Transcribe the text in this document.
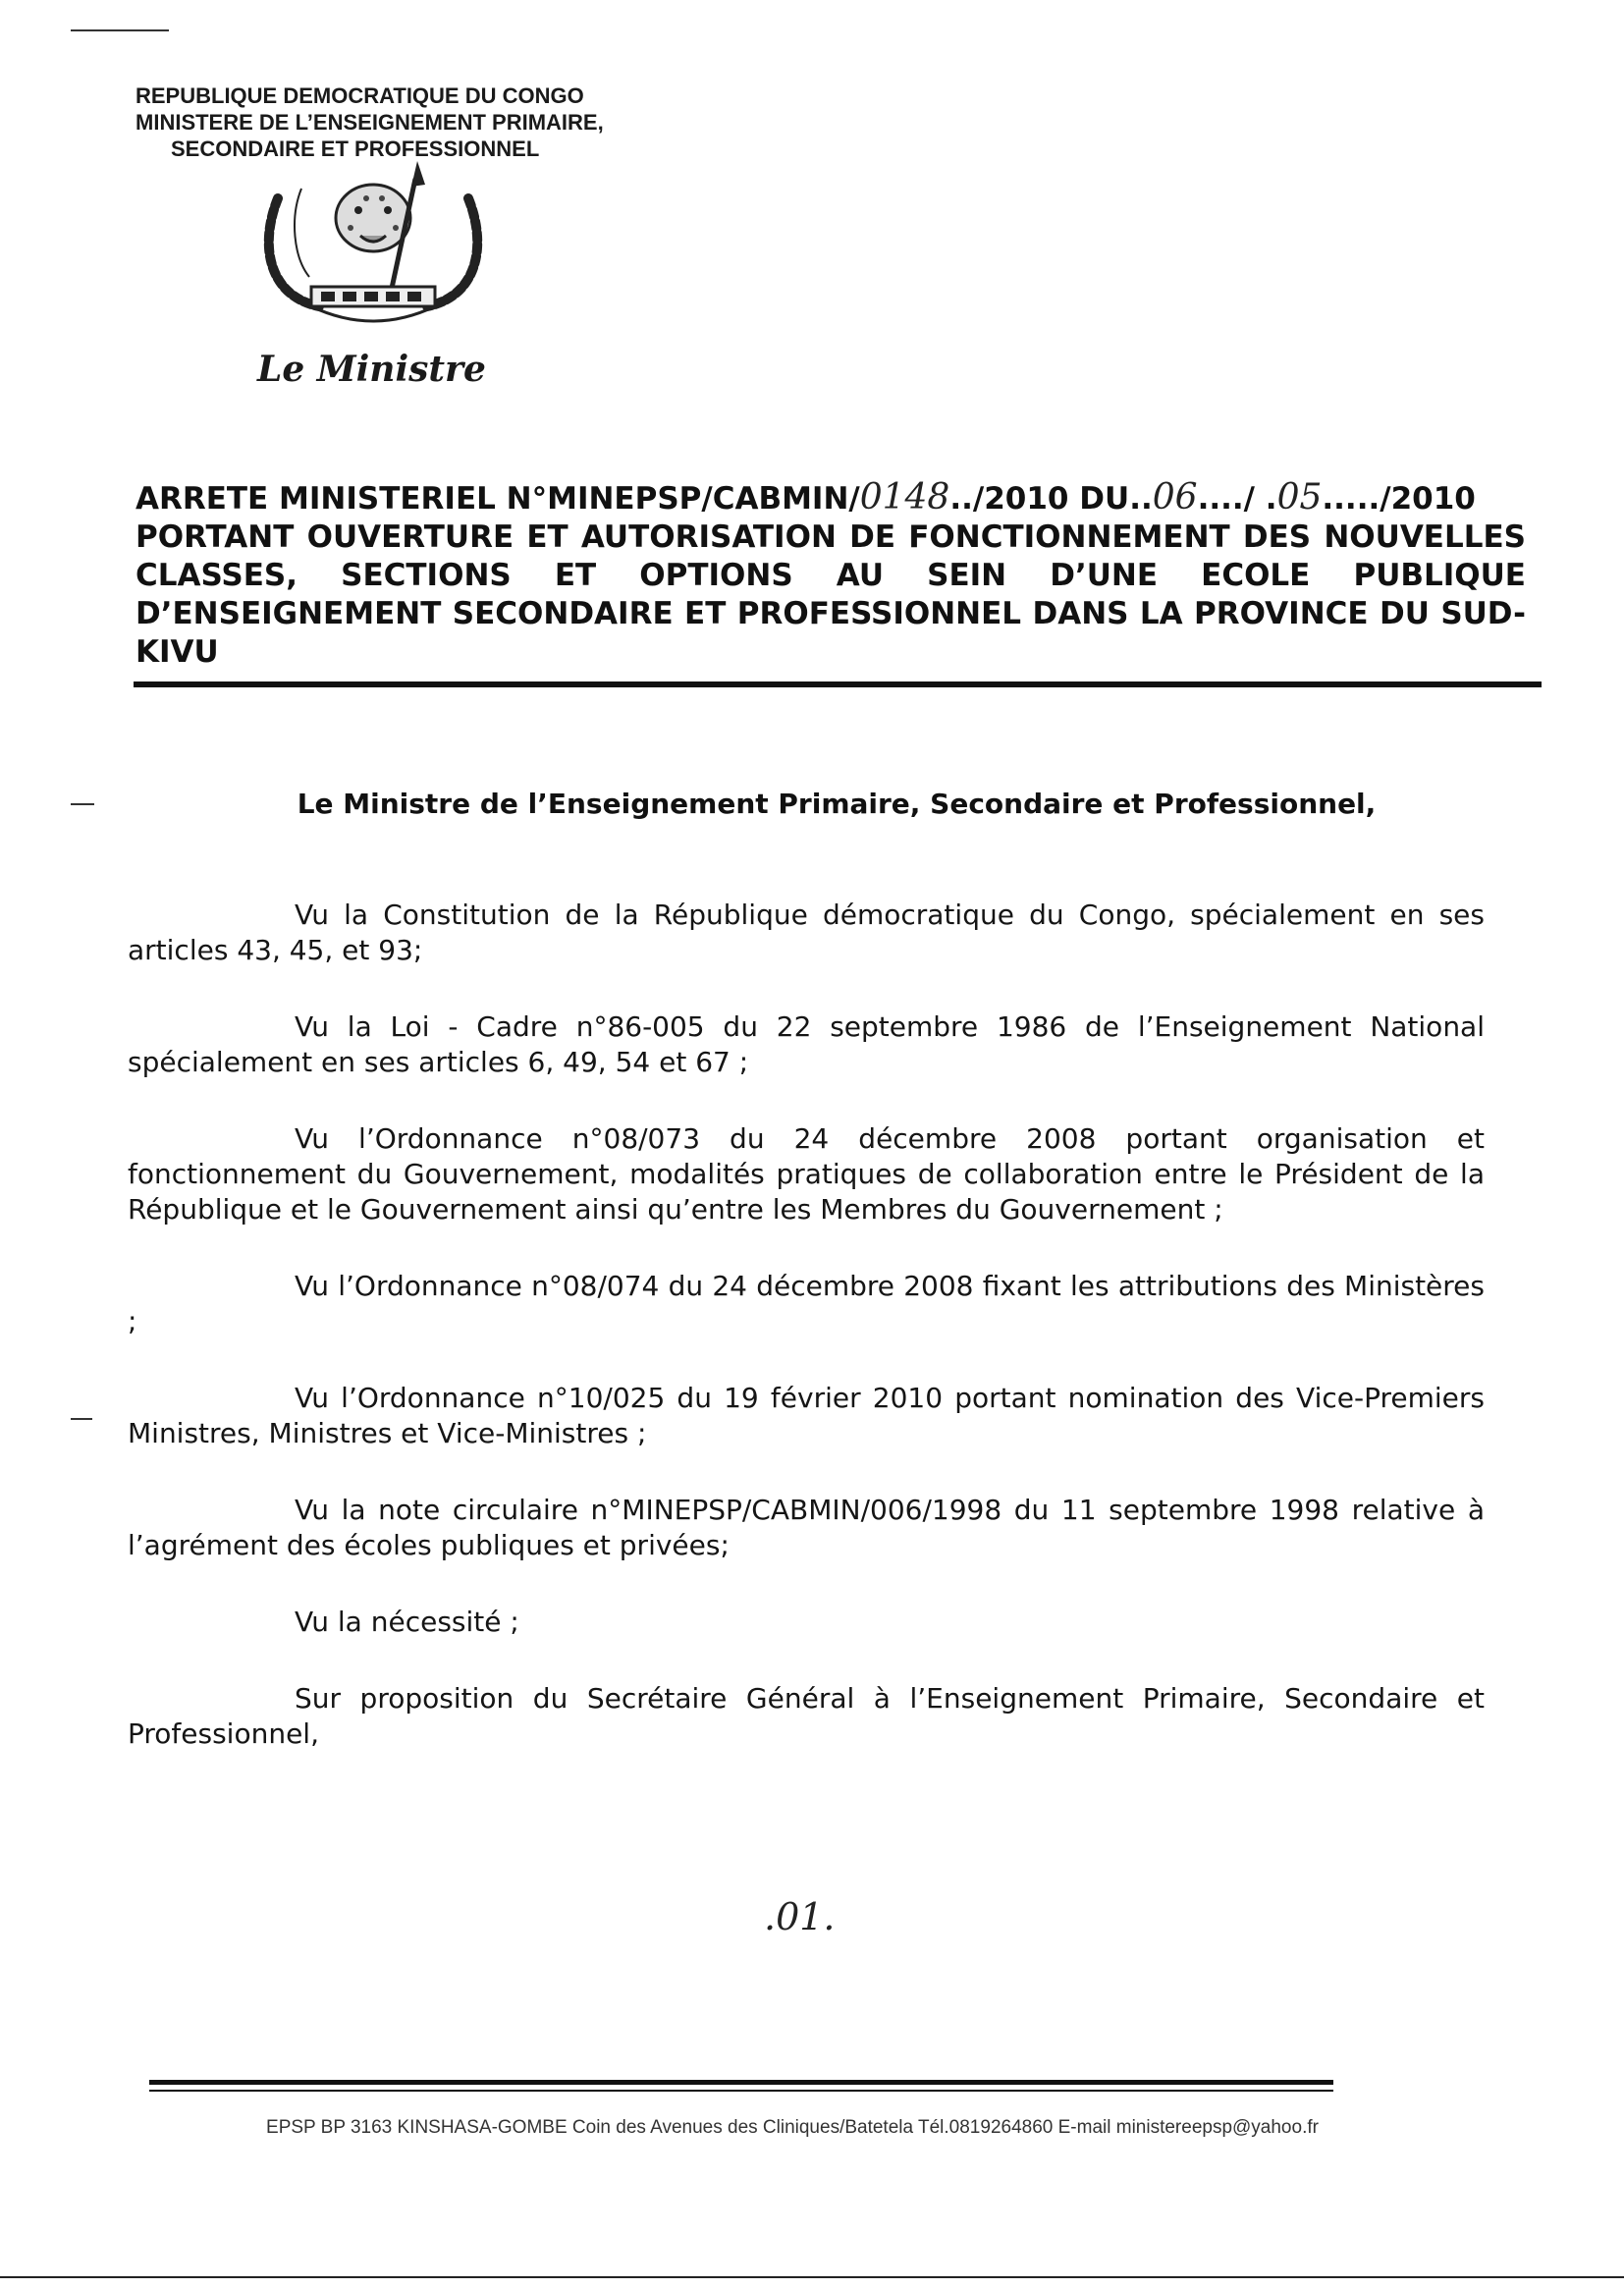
REPUBLIQUE DEMOCRATIQUE DU CONGO
MINISTERE DE L’ENSEIGNEMENT PRIMAIRE,
SECONDAIRE ET PROFESSIONNEL
Le Ministre
ARRETE MINISTERIEL N°MINEPSP/CABMIN/0148../2010 DU..06..../ .05...../2010
PORTANT OUVERTURE ET AUTORISATION DE FONCTIONNEMENT DES NOUVELLES CLASSES, SECTIONS ET OPTIONS AU SEIN D’UNE ECOLE PUBLIQUE D’ENSEIGNEMENT SECONDAIRE ET PROFESSIONNEL DANS LA PROVINCE DU SUD-KIVU
Le Ministre de l’Enseignement Primaire, Secondaire et Professionnel,

Vu la Constitution de la République démocratique du Congo, spécialement en ses articles 43, 45, et 93;

Vu la Loi - Cadre n°86-005 du 22 septembre 1986 de l’Enseignement National spécialement en ses articles 6, 49, 54 et 67 ;

Vu l’Ordonnance n°08/073 du 24 décembre 2008 portant organisation et fonctionnement du Gouvernement, modalités pratiques de collaboration entre le Président de la République et le Gouvernement ainsi qu’entre les Membres du Gouvernement ;

Vu l’Ordonnance n°08/074 du 24 décembre 2008 fixant les attributions des Ministères ;

Vu l’Ordonnance n°10/025 du 19 février 2010 portant nomination des Vice-Premiers Ministres, Ministres et Vice-Ministres ;

Vu la note circulaire n°MINEPSP/CABMIN/006/1998 du 11 septembre 1998 relative à l’agrément des écoles publiques et privées;

Vu la nécessité ;

Sur proposition du Secrétaire Général à l’Enseignement Primaire, Secondaire et Professionnel,

.01.
EPSP BP 3163 KINSHASA-GOMBE Coin des Avenues des Cliniques/Batetela Tél.0819264860 E-mail ministereepsp@yahoo.fr
